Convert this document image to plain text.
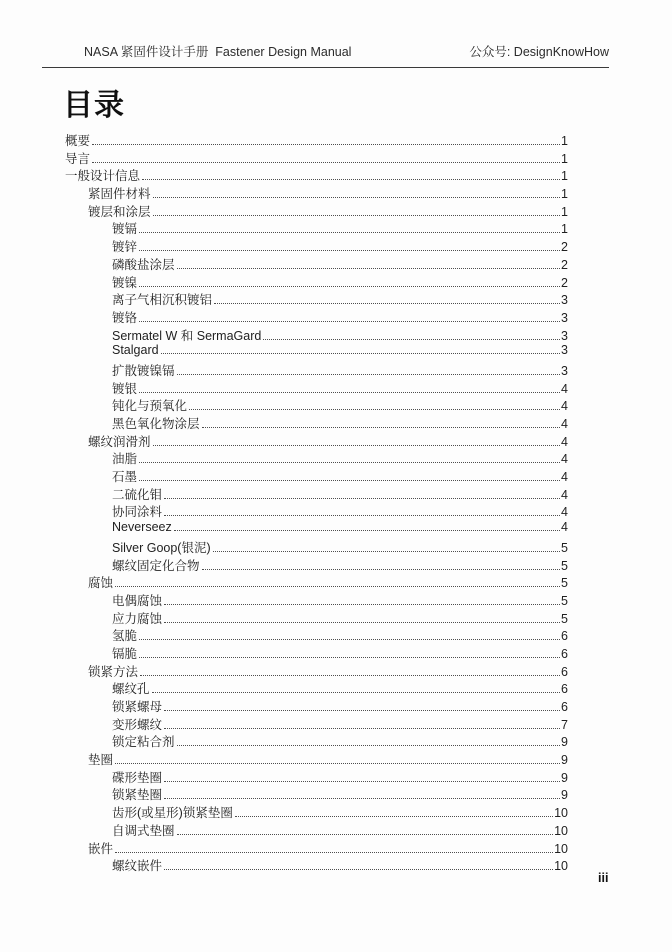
NASA 紧固件设计手册  Fastener Design Manual	公众号: DesignKnowHow
目录
概要	1
导言	1
一般设计信息	1
紧固件材料	1
镀层和涂层	1
镀镉	1
镀锌	2
磷酸盐涂层	2
镀镍	2
离子气相沉积镀铝	3
镀铬	3
Sermatel W 和 SermaGard	3
Stalgard	3
扩散镀镍镉	3
镀银	4
钝化与预氧化	4
黑色氧化物涂层	4
螺纹润滑剂	4
油脂	4
石墨	4
二硫化钼	4
协同涂料	4
Neverseez	4
Silver Goop(银泥)	5
螺纹固定化合物	5
腐蚀	5
电偶腐蚀	5
应力腐蚀	5
氢脆	6
镉脆	6
锁紧方法	6
螺纹孔	6
锁紧螺母	6
变形螺纹	7
锁定粘合剂	9
垫圈	9
碟形垫圈	9
锁紧垫圈	9
齿形(或星形)锁紧垫圈	10
自调式垫圈	10
嵌件	10
螺纹嵌件	10
iii
